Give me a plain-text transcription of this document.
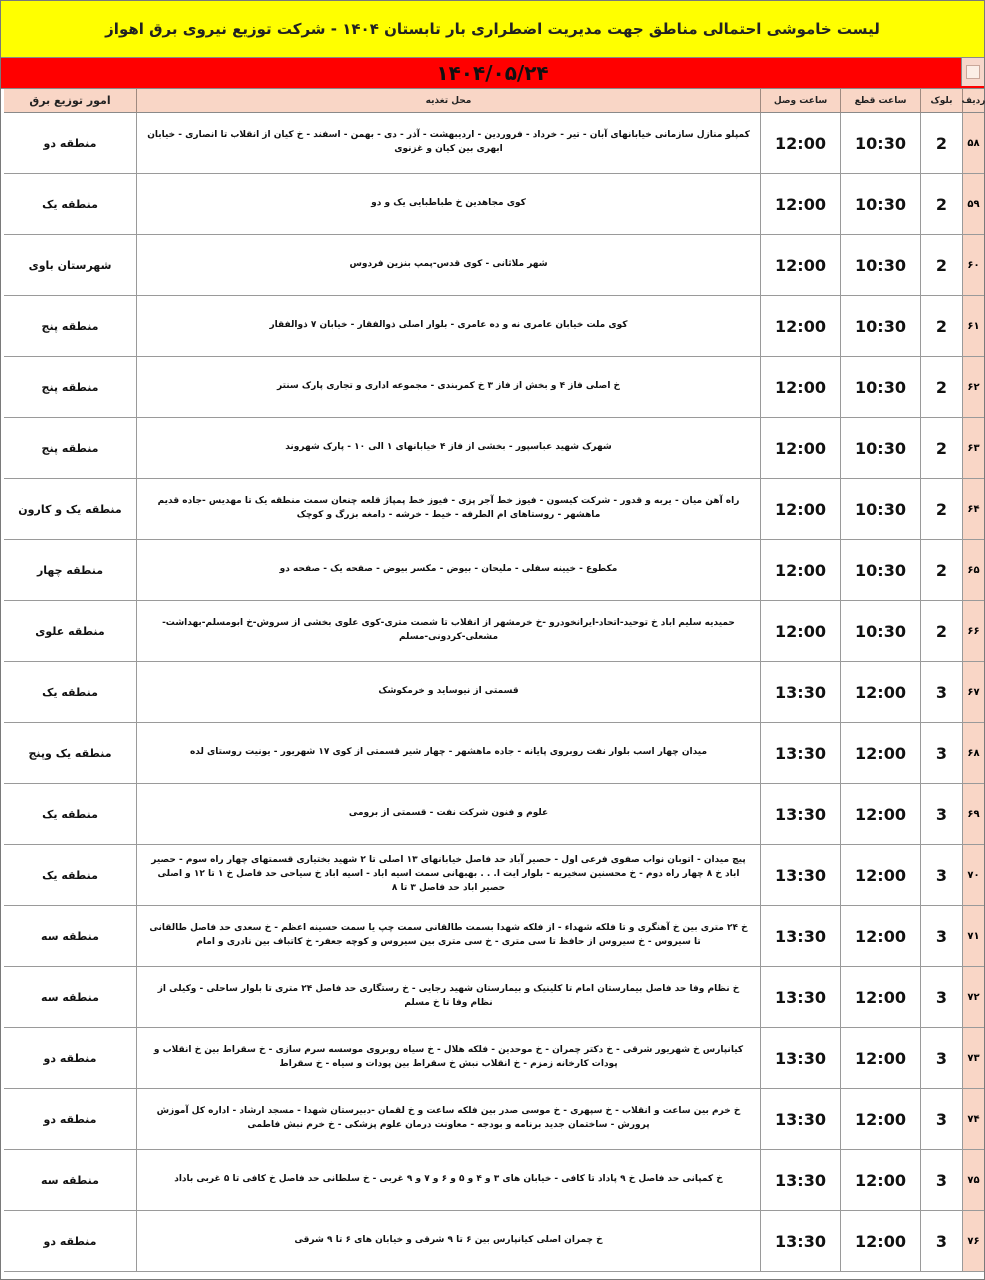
لیست خاموشی احتمالی مناطق جهت مدیریت اضطراری بار تابستان ۱۴۰۴ - شرکت توزیع نیروی برق اهواز
۱۴۰۴/۰۵/۲۴
ردیف
بلوک
ساعت قطع
ساعت وصل
محل تغذیه
امور توزیع برق
۵۸
2
10:30
12:00
کمپلو منازل سازمانی خیابانهای آبان - تیر - خرداد - فروردین - اردیبهشت - آذر - دی - بهمن - اسفند - خ کیان از انقلاب تا انصاری - خیابان ابهری بین کیان و غزنوی
منطقه دو
۵۹
2
10:30
12:00
کوی مجاهدین خ طباطبایی یک و دو
منطقه یک
۶۰
2
10:30
12:00
شهر ملاثانی - کوی قدس-پمپ بنزین فردوس
شهرستان باوی
۶۱
2
10:30
12:00
کوی ملت خیابان عامری نه و ده عامری - بلوار اصلی ذوالفقار - خیابان ۷ ذوالفقار
منطقه پنج
۶۲
2
10:30
12:00
خ اصلی فاز ۴ و بخش از فاز ۳ خ کمربندی - مجموعه اداری و تجاری پارک سنتر
منطقه پنج
۶۳
2
10:30
12:00
شهرک شهید عباسپور - بخشی از فاز ۴ خیابانهای ۱ الی ۱۰ - پارک شهروند
منطقه پنج
۶۴
2
10:30
12:00
راه آهن میان - یربه و قدور - شرکت کیسون - فیوز خط آجر پزی - فیوز خط پمپاژ قلعه چنعان سمت منطقه یک تا مهدیس -جاده قدیم ماهشهر - روستاهای ام الطرفه - خیط - خرشه - دامغه بزرگ و کوچک
منطقه یک و کارون
۶۵
2
10:30
12:00
مکطوع - خیینه سفلی - ملیحان - بیوض - مکسر بیوض - صفحه یک - صفحه دو
منطقه چهار
۶۶
2
10:30
12:00
حمیدیه سلیم اباد خ توحید-اتحاد-ایرانخودرو -خ خرمشهر از انقلاب تا شصت متری-کوی علوی بخشی از سروش-خ ابومسلم-بهداشت-مشعلی-کردونی-مسلم
منطقه علوی
۶۷
3
12:00
13:30
قسمتی از نیوساید و خرمکوشک
منطقه یک
۶۸
3
12:00
13:30
میدان چهار اسب بلوار نفت روبروی پایانه - جاده ماهشهر - چهار شیر قسمتی از کوی ۱۷ شهریور - یونیت روستای لده
منطقه یک وپنج
۶۹
3
12:00
13:30
علوم و فنون شرکت نفت - قسمتی از برومی
منطقه یک
۷۰
3
12:00
13:30
پیچ میدان - اتوبان نواب صفوی فرعی اول - حصیر آباد حد فاصل خیابانهای ۱۳ اصلی تا ۲ شهید بختیاری قسمتهای چهار راه سوم - حصیر اباد خ ۸ چهار راه دوم - خ محسنین سخیریه - بلوار ایت ا. . . بهبهانی سمت اسیه اباد - اسیه اباد خ سیاحی حد فاصل خ ۱ تا ۱۲ و اصلی حصیر اباد حد فاصل ۳ تا ۸
منطقه یک
۷۱
3
12:00
13:30
خ ۲۴ متری بین خ آهنگری و تا فلکه شهداء - از فلکه شهدا بسمت طالقانی سمت چپ یا سمت حسینه اعظم - خ سعدی حد فاصل طالقانی تا سیروس - خ سیروس از حافظ تا سی متری - خ سی متری بین سیروس و کوچه جعفر- خ کاتباف بین نادری و امام
منطقه سه
۷۲
3
12:00
13:30
خ نظام وفا حد فاصل بیمارستان امام تا کلینیک و بیمارستان شهید رجایی - خ رستگاری حد فاصل ۲۴ متری تا بلوار ساحلی - وکیلی از نظام وفا تا خ مسلم
منطقه سه
۷۳
3
12:00
13:30
کیانپارس خ شهریور شرقی - خ دکتر چمران - خ موحدین - فلکه هلال - خ سیاه روبروی موسسه سرم سازی - خ سقراط بین خ انقلاب و پودات کارخانه زمزم - خ انقلاب نبش خ سقراط بین پودات و سیاه - خ سقراط
منطقه دو
۷۴
3
12:00
13:30
خ خرم بین ساعت و انقلاب - خ سپهری - خ موسی صدر بین فلکه ساعت و خ لقمان -دبیرستان شهدا - مسجد ارشاد - اداره کل آموزش پرورش - ساختمان جدید برنامه و بودجه - معاونت درمان علوم پزشکی - خ خرم نبش فاطمی
منطقه دو
۷۵
3
12:00
13:30
خ کمپانی حد فاصل خ ۹ پاداد تا کافی - خیابان های ۳ و ۴ و ۵ و ۶ و ۷ و ۹ غربی - خ سلطانی حد فاصل خ کافی تا ۵ غربی باداد
منطقه سه
۷۶
3
12:00
13:30
خ چمران اصلی کیانپارس بین ۶ تا ۹ شرقی و خیابان های ۶ تا ۹ شرقی
منطقه دو
